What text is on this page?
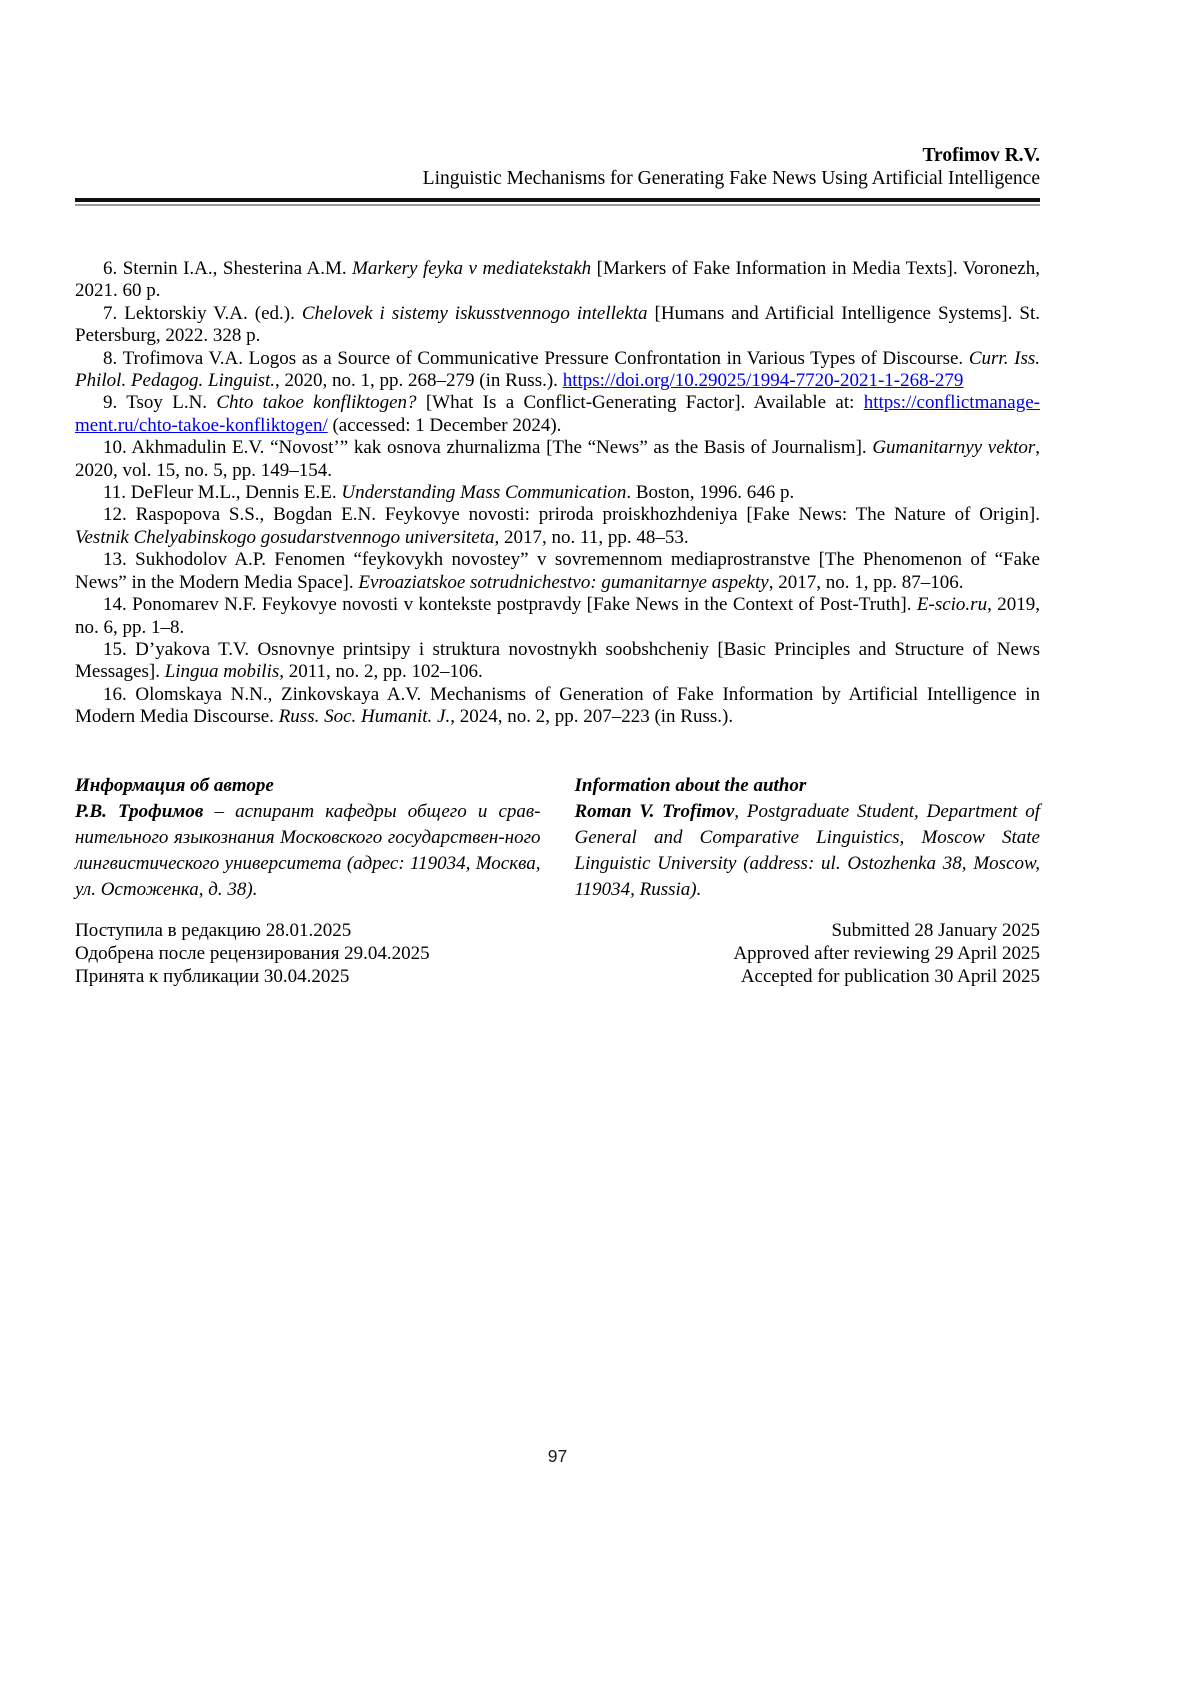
Trofimov R.V.
Linguistic Mechanisms for Generating Fake News Using Artificial Intelligence

6. Sternin I.A., Shesterina A.M. Markery feyka v mediatekstakh [Markers of Fake Information in Media Texts]. Voronezh, 2021. 60 p.

7. Lektorskiy V.A. (ed.). Chelovek i sistemy iskusstvennogo intellekta [Humans and Artificial Intelligence Systems]. St. Petersburg, 2022. 328 p.

8. Trofimova V.A. Logos as a Source of Communicative Pressure Confrontation in Various Types of Discourse. Curr. Iss. Philol. Pedagog. Linguist., 2020, no. 1, pp. 268–279 (in Russ.). https://doi.org/10.29025/1994-7720-2021-1-268-279

9. Tsoy L.N. Chto takoe konfliktogen? [What Is a Conflict-Generating Factor]. Available at: https://conflictmanage-ment.ru/chto-takoe-konfliktogen/ (accessed: 1 December 2024).

10. Akhmadulin E.V. “Novost’” kak osnova zhurnalizma [The “News” as the Basis of Journalism]. Gumanitarnyy vektor, 2020, vol. 15, no. 5, pp. 149–154.

11. DeFleur M.L., Dennis E.E. Understanding Mass Communication. Boston, 1996. 646 p.

12. Raspopova S.S., Bogdan E.N. Feykovye novosti: priroda proiskhozhdeniya [Fake News: The Nature of Origin]. Vestnik Chelyabinskogo gosudarstvennogo universiteta, 2017, no. 11, pp. 48–53.

13. Sukhodolov A.P. Fenomen “feykovykh novostey” v sovremennom mediaprostranstve [The Phenomenon of “Fake News” in the Modern Media Space]. Evroaziatskoe sotrudnichestvo: gumanitarnye aspekty, 2017, no. 1, pp. 87–106.

14. Ponomarev N.F. Feykovye novosti v kontekste postpravdy [Fake News in the Context of Post-Truth]. E-scio.ru, 2019, no. 6, pp. 1–8.

15. D’yakova T.V. Osnovnye printsipy i struktura novostnykh soobshcheniy [Basic Principles and Structure of News Messages]. Lingua mobilis, 2011, no. 2, pp. 102–106.

16. Olomskaya N.N., Zinkovskaya A.V. Mechanisms of Generation of Fake Information by Artificial Intelligence in Modern Media Discourse. Russ. Soc. Humanit. J., 2024, no. 2, pp. 207–223 (in Russ.).

Информация об авторе

Р.В. Трофимов – аспирант кафедры общего и срав-нительного языкознания Московского государствен-ного лингвистического университета (адрес: 119034, Москва, ул. Остоженка, д. 38).

Information about the author

Roman V. Trofimov, Postgraduate Student, Department of General and Comparative Linguistics, Moscow State Linguistic University (address: ul. Ostozhenka 38, Moscow, 119034, Russia).

Поступила в редакцию 28.01.2025
Одобрена после рецензирования 29.04.2025
Принята к публикации 30.04.2025
Submitted 28 January 2025
Approved after reviewing 29 April 2025
Accepted for publication 30 April 2025
97
